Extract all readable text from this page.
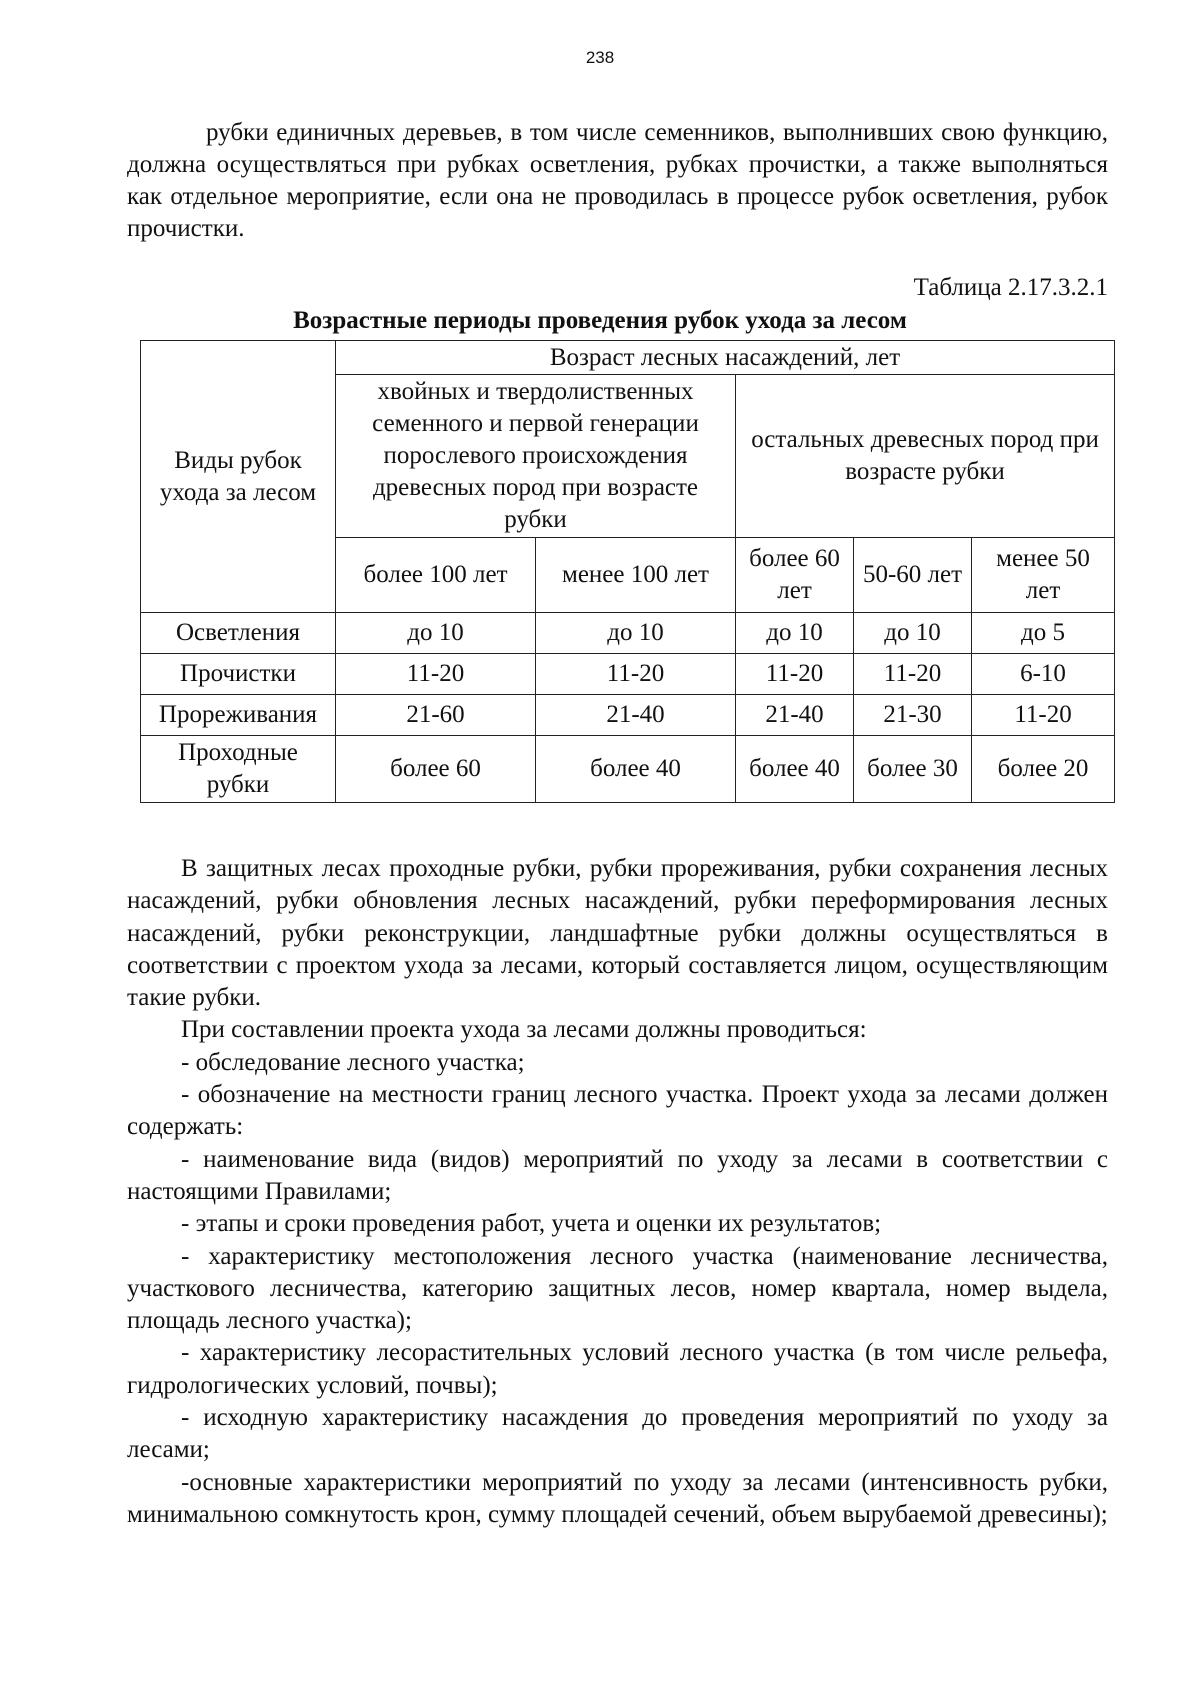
238

рубки единичных деревьев, в том числе семенников, выполнивших свою функцию, должна осуществляться при рубках осветления, рубках прочистки, а также выполняться как отдельное мероприятие, если она не проводилась в процессе рубок осветления, рубок прочистки.

Таблица 2.17.3.2.1
Возрастные периоды проведения рубок ухода за лесом
Виды рубок ухода за лесом	Возраст лесных насаждений, лет				
	хвойных и твердолиственных семенного и первой генерации порослевого происхождения древесных пород при возрасте рубки		остальных древесных пород при возрасте рубки		
	более 100 лет	менее 100 лет	более 60 лет	50-60 лет	менее 50 лет
Осветления	до 10	до 10	до 10	до 10	до 5
Прочистки	11-20	11-20	11-20	11-20	6-10
Прореживания	21-60	21-40	21-40	21-30	11-20
Проходные рубки	более 60	более 40	более 40	более 30	более 20

В защитных лесах проходные рубки, рубки прореживания, рубки сохранения лесных насаждений, рубки обновления лесных насаждений, рубки переформирования лесных насаждений, рубки реконструкции, ландшафтные рубки должны осуществляться в соответствии с проектом ухода за лесами, который составляется лицом, осуществляющим такие рубки.

При составлении проекта ухода за лесами должны проводиться:

- обследование лесного участка;

- обозначение на местности границ лесного участка. Проект ухода за лесами должен содержать:

- наименование вида (видов) мероприятий по уходу за лесами в соответствии с настоящими Правилами;

- этапы и сроки проведения работ, учета и оценки их результатов;

- характеристику местоположения лесного участка (наименование лесничества, участкового лесничества, категорию защитных лесов, номер квартала, номер выдела, площадь лесного участка);

- характеристику лесорастительных условий лесного участка (в том числе рельефа, гидрологических условий, почвы);

- исходную характеристику насаждения до проведения мероприятий по уходу за лесами;

-основные характеристики мероприятий по уходу за лесами (интенсивность рубки, минимальною сомкнутость крон, сумму площадей сечений, объем вырубаемой древесины);
